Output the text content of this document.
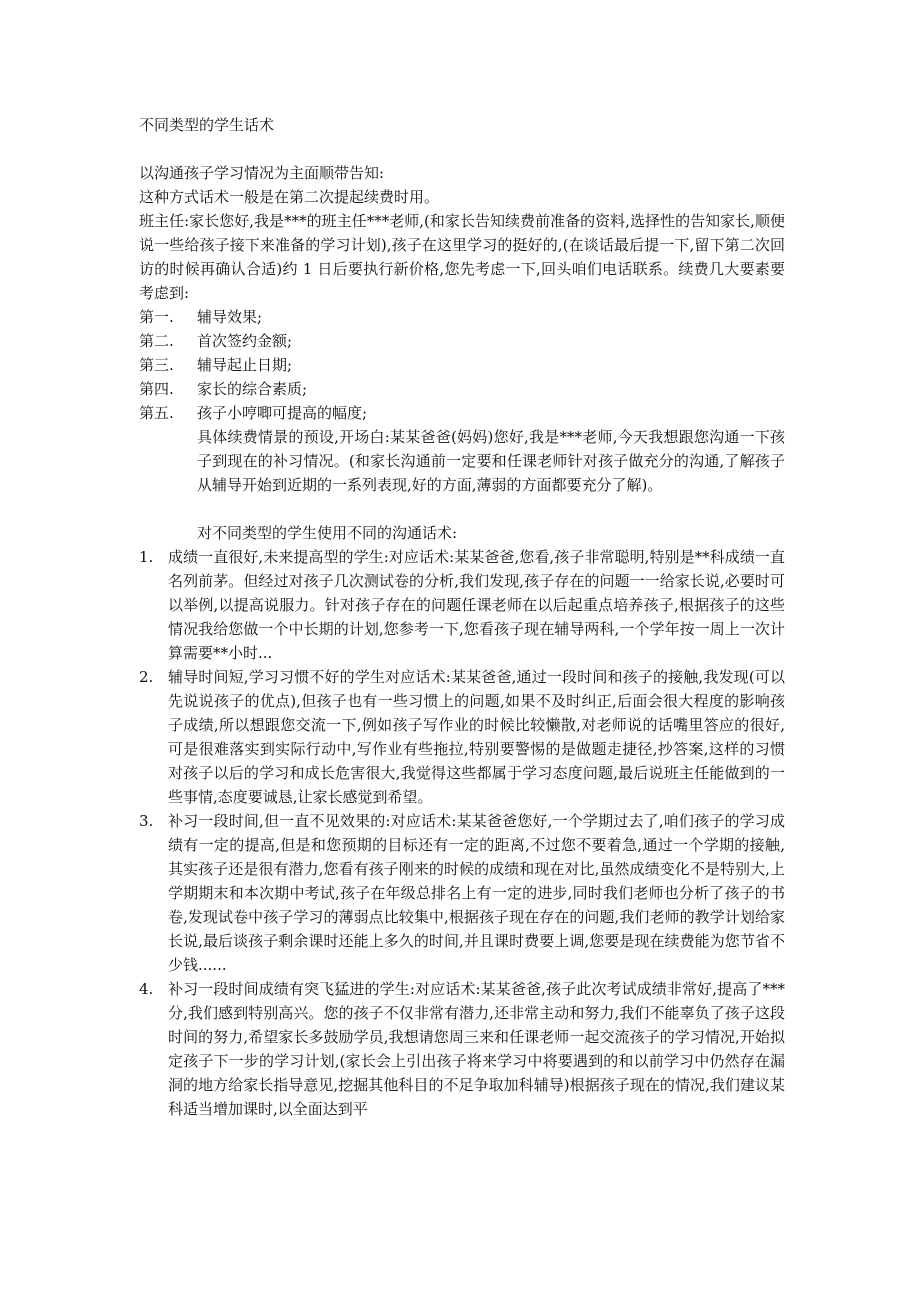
不同类型的学生话术

以沟通孩子学习情况为主面顺带告知:

这种方式话术一般是在第二次提起续费时用。

班主任:家长您好,我是***的班主任***老师,(和家长告知续费前准备的资料,选择性的告知家长,顺便说一些给孩子接下来准备的学习计划),孩子在这里学习的挺好的,(在谈话最后提一下,留下第二次回访的时候再确认合适)约 1 日后要执行新价格,您先考虑一下,回头咱们电话联系。续费几大要素要考虑到:

第一.	辅导效果;
第二.	首次签约金额;
第三.	辅导起止日期;
第四.	家长的综合素质;
第五.	孩子小哼唧可提高的幅度;

具体续费情景的预设,开场白:某某爸爸(妈妈)您好,我是***老师,今天我想跟您沟通一下孩子到现在的补习情况。(和家长沟通前一定要和任课老师针对孩子做充分的沟通,了解孩子从辅导开始到近期的一系列表现,好的方面,薄弱的方面都要充分了解)。

对不同类型的学生使用不同的沟通话术:

1. 成绩一直很好,未来提高型的学生:对应话术:某某爸爸,您看,孩子非常聪明,特别是**科成绩一直名列前茅。但经过对孩子几次测试卷的分析,我们发现,孩子存在的问题一一给家长说,必要时可以举例,以提高说服力。针对孩子存在的问题任课老师在以后起重点培养孩子,根据孩子的这些情况我给您做一个中长期的计划,您参考一下,您看孩子现在辅导两科,一个学年按一周上一次计算需要**小时...
2. 辅导时间短,学习习惯不好的学生对应话术:某某爸爸,通过一段时间和孩子的接触,我发现(可以先说说孩子的优点),但孩子也有一些习惯上的问题,如果不及时纠正,后面会很大程度的影响孩子成绩,所以想跟您交流一下,例如孩子写作业的时候比较懒散,对老师说的话嘴里答应的很好,可是很难落实到实际行动中,写作业有些拖拉,特别要警惕的是做题走捷径,抄答案,这样的习惯对孩子以后的学习和成长危害很大,我觉得这些都属于学习态度问题,最后说班主任能做到的一些事情,态度要诚恳,让家长感觉到希望。
3. 补习一段时间,但一直不见效果的:对应话术:某某爸爸您好,一个学期过去了,咱们孩子的学习成绩有一定的提高,但是和您预期的目标还有一定的距离,不过您不要着急,通过一个学期的接触,其实孩子还是很有潜力,您看有孩子刚来的时候的成绩和现在对比,虽然成绩变化不是特别大,上学期期末和本次期中考试,孩子在年级总排名上有一定的进步,同时我们老师也分析了孩子的书卷,发现试卷中孩子学习的薄弱点比较集中,根据孩子现在存在的问题,我们老师的教学计划给家长说,最后谈孩子剩余课时还能上多久的时间,并且课时费要上调,您要是现在续费能为您节省不少钱......
4. 补习一段时间成绩有突飞猛进的学生:对应话术:某某爸爸,孩子此次考试成绩非常好,提高了***分,我们感到特别高兴。您的孩子不仅非常有潜力,还非常主动和努力,我们不能辜负了孩子这段时间的努力,希望家长多鼓励学员,我想请您周三来和任课老师一起交流孩子的学习情况,开始拟定孩子下一步的学习计划,(家长会上引出孩子将来学习中将要遇到的和以前学习中仍然存在漏洞的地方给家长指导意见,挖掘其他科目的不足争取加科辅导)根据孩子现在的情况,我们建议某科适当增加课时,以全面达到平
